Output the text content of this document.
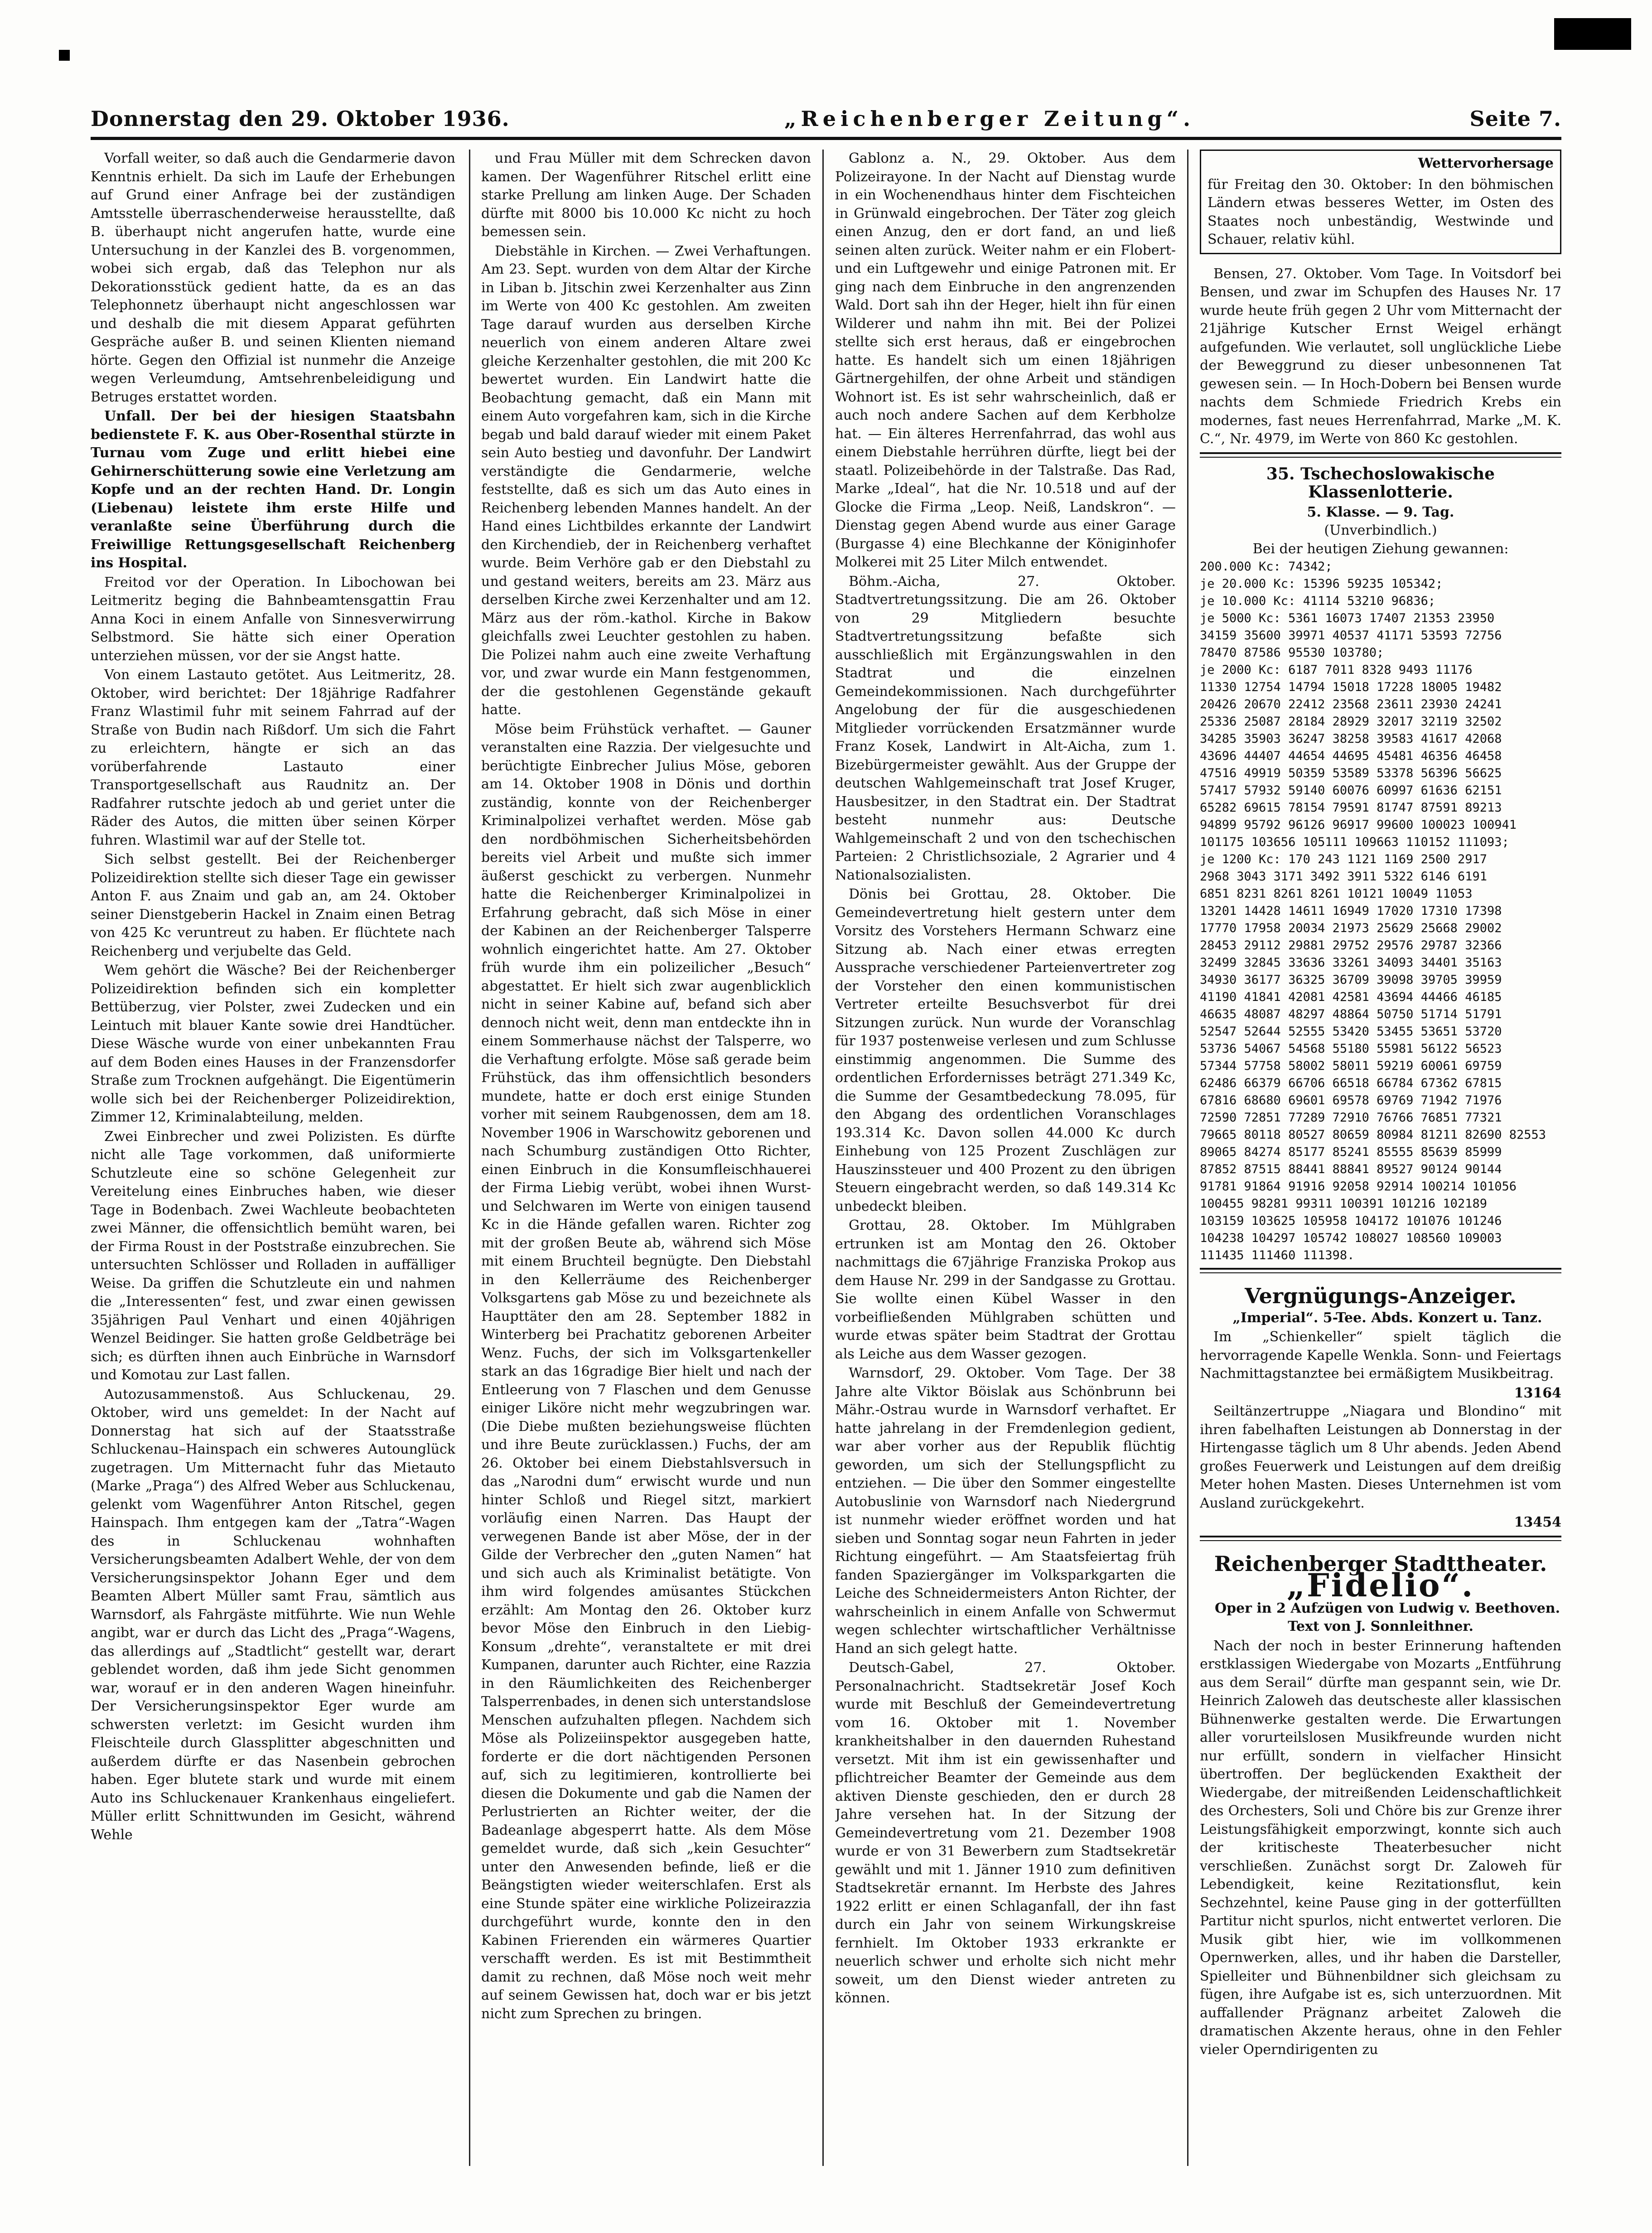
Donnerstag den 29. Oktober 1936.	„Reichenberger Zeitung“.	Seite 7.

Vorfall weiter, so daß auch die Gendarmerie davon Kenntnis erhielt. Da sich im Laufe der Erhebungen auf Grund einer Anfrage bei der zuständigen Amtsstelle überraschenderweise herausstellte, daß B. überhaupt nicht angerufen hatte, wurde eine Untersuchung in der Kanzlei des B. vorgenommen, wobei sich ergab, daß das Telephon nur als Dekorationsstück gedient hatte, da es an das Telephonnetz überhaupt nicht angeschlossen war und deshalb die mit diesem Apparat geführten Gespräche außer B. und seinen Klienten niemand hörte. Gegen den Offizial ist nunmehr die Anzeige wegen Verleumdung, Amtsehrenbeleidigung und Betruges erstattet worden.

Unfall. Der bei der hiesigen Staatsbahn bedienstete F. K. aus Ober-Rosenthal stürzte in Turnau vom Zuge und erlitt hiebei eine Gehirnerschütterung sowie eine Verletzung am Kopfe und an der rechten Hand. Dr. Longin (Liebenau) leistete ihm erste Hilfe und veranlaßte seine Überführung durch die Freiwillige Rettungsgesellschaft Reichenberg ins Hospital.

Freitod vor der Operation. In Libochowan bei Leitmeritz beging die Bahnbeamtensgattin Frau Anna Koci in einem Anfalle von Sinnesverwirrung Selbstmord. Sie hätte sich einer Operation unterziehen müssen, vor der sie Angst hatte.

Von einem Lastauto getötet. Aus Leitmeritz, 28. Oktober, wird berichtet: Der 18jährige Radfahrer Franz Wlastimil fuhr mit seinem Fahrrad auf der Straße von Budin nach Rißdorf. Um sich die Fahrt zu erleichtern, hängte er sich an das vorüberfahrende Lastauto einer Transportgesellschaft aus Raudnitz an. Der Radfahrer rutschte jedoch ab und geriet unter die Räder des Autos, die mitten über seinen Körper fuhren. Wlastimil war auf der Stelle tot.

Sich selbst gestellt. Bei der Reichenberger Polizeidirektion stellte sich dieser Tage ein gewisser Anton F. aus Znaim und gab an, am 24. Oktober seiner Dienstgeberin Hackel in Znaim einen Betrag von 425 Kc veruntreut zu haben. Er flüchtete nach Reichenberg und verjubelte das Geld.

Wem gehört die Wäsche? Bei der Reichenberger Polizeidirektion befinden sich ein kompletter Bettüberzug, vier Polster, zwei Zudecken und ein Leintuch mit blauer Kante sowie drei Handtücher. Diese Wäsche wurde von einer unbekannten Frau auf dem Boden eines Hauses in der Franzensdorfer Straße zum Trocknen aufgehängt. Die Eigentümerin wolle sich bei der Reichenberger Polizeidirektion, Zimmer 12, Kriminalabteilung, melden.

Zwei Einbrecher und zwei Polizisten. Es dürfte nicht alle Tage vorkommen, daß uniformierte Schutzleute eine so schöne Gelegenheit zur Vereitelung eines Einbruches haben, wie dieser Tage in Bodenbach. Zwei Wachleute beobachteten zwei Männer, die offensichtlich bemüht waren, bei der Firma Roust in der Poststraße einzubrechen. Sie untersuchten Schlösser und Rolladen in auffälliger Weise. Da griffen die Schutzleute ein und nahmen die „Interessenten“ fest, und zwar einen gewissen 35jährigen Paul Venhart und einen 40jährigen Wenzel Beidinger. Sie hatten große Geldbeträge bei sich; es dürften ihnen auch Einbrüche in Warnsdorf und Komotau zur Last fallen.

Autozusammenstoß. Aus Schluckenau, 29. Oktober, wird uns gemeldet: In der Nacht auf Donnerstag hat sich auf der Staatsstraße Schluckenau–Hainspach ein schweres Autounglück zugetragen. Um Mitternacht fuhr das Mietauto (Marke „Praga“) des Alfred Weber aus Schluckenau, gelenkt vom Wagenführer Anton Ritschel, gegen Hainspach. Ihm entgegen kam der „Tatra“-Wagen des in Schluckenau wohnhaften Versicherungsbeamten Adalbert Wehle, der von dem Versicherungsinspektor Johann Eger und dem Beamten Albert Müller samt Frau, sämtlich aus Warnsdorf, als Fahrgäste mitführte. Wie nun Wehle angibt, war er durch das Licht des „Praga“-Wagens, das allerdings auf „Stadtlicht“ gestellt war, derart geblendet worden, daß ihm jede Sicht genommen war, worauf er in den anderen Wagen hineinfuhr. Der Versicherungsinspektor Eger wurde am schwersten verletzt: im Gesicht wurden ihm Fleischteile durch Glassplitter abgeschnitten und außerdem dürfte er das Nasenbein gebrochen haben. Eger blutete stark und wurde mit einem Auto ins Schluckenauer Krankenhaus eingeliefert. Müller erlitt Schnittwunden im Gesicht, während Wehle

und Frau Müller mit dem Schrecken davon kamen. Der Wagenführer Ritschel erlitt eine starke Prellung am linken Auge. Der Schaden dürfte mit 8000 bis 10.000 Kc nicht zu hoch bemessen sein.

Diebstähle in Kirchen. — Zwei Verhaftungen. Am 23. Sept. wurden von dem Altar der Kirche in Liban b. Jitschin zwei Kerzenhalter aus Zinn im Werte von 400 Kc gestohlen. Am zweiten Tage darauf wurden aus derselben Kirche neuerlich von einem anderen Altare zwei gleiche Kerzenhalter gestohlen, die mit 200 Kc bewertet wurden. Ein Landwirt hatte die Beobachtung gemacht, daß ein Mann mit einem Auto vorgefahren kam, sich in die Kirche begab und bald darauf wieder mit einem Paket sein Auto bestieg und davonfuhr. Der Landwirt verständigte die Gendarmerie, welche feststellte, daß es sich um das Auto eines in Reichenberg lebenden Mannes handelt. An der Hand eines Lichtbildes erkannte der Landwirt den Kirchendieb, der in Reichenberg verhaftet wurde. Beim Verhöre gab er den Diebstahl zu und gestand weiters, bereits am 23. März aus derselben Kirche zwei Kerzenhalter und am 12. März aus der röm.-kathol. Kirche in Bakow gleichfalls zwei Leuchter gestohlen zu haben. Die Polizei nahm auch eine zweite Verhaftung vor, und zwar wurde ein Mann festgenommen, der die gestohlenen Gegenstände gekauft hatte.

Möse beim Frühstück verhaftet. — Gauner veranstalten eine Razzia. Der vielgesuchte und berüchtigte Einbrecher Julius Möse, geboren am 14. Oktober 1908 in Dönis und dorthin zuständig, konnte von der Reichenberger Kriminalpolizei verhaftet werden. Möse gab den nordböhmischen Sicherheitsbehörden bereits viel Arbeit und mußte sich immer äußerst geschickt zu verbergen. Nunmehr hatte die Reichenberger Kriminalpolizei in Erfahrung gebracht, daß sich Möse in einer der Kabinen an der Reichenberger Talsperre wohnlich eingerichtet hatte. Am 27. Oktober früh wurde ihm ein polizeilicher „Besuch“ abgestattet. Er hielt sich zwar augenblicklich nicht in seiner Kabine auf, befand sich aber dennoch nicht weit, denn man entdeckte ihn in einem Sommerhause nächst der Talsperre, wo die Verhaftung erfolgte. Möse saß gerade beim Frühstück, das ihm offensichtlich besonders mundete, hatte er doch erst einige Stunden vorher mit seinem Raubgenossen, dem am 18. November 1906 in Warschowitz geborenen und nach Schumburg zuständigen Otto Richter, einen Einbruch in die Konsumfleischhauerei der Firma Liebig verübt, wobei ihnen Wurst- und Selchwaren im Werte von einigen tausend Kc in die Hände gefallen waren. Richter zog mit der großen Beute ab, während sich Möse mit einem Bruchteil begnügte. Den Diebstahl in den Kellerräume des Reichenberger Volksgartens gab Möse zu und bezeichnete als Haupttäter den am 28. September 1882 in Winterberg bei Prachatitz geborenen Arbeiter Wenz. Fuchs, der sich im Volksgartenkeller stark an das 16gradige Bier hielt und nach der Entleerung von 7 Flaschen und dem Genusse einiger Liköre nicht mehr wegzubringen war. (Die Diebe mußten beziehungsweise flüchten und ihre Beute zurücklassen.) Fuchs, der am 26. Oktober bei einem Diebstahlsversuch in das „Narodni dum“ erwischt wurde und nun hinter Schloß und Riegel sitzt, markiert vorläufig einen Narren. Das Haupt der verwegenen Bande ist aber Möse, der in der Gilde der Verbrecher den „guten Namen“ hat und sich auch als Kriminalist betätigte. Von ihm wird folgendes amüsantes Stückchen erzählt: Am Montag den 26. Oktober kurz bevor Möse den Einbruch in den Liebig-Konsum „drehte“, veranstaltete er mit drei Kumpanen, darunter auch Richter, eine Razzia in den Räumlichkeiten des Reichenberger Talsperrenbades, in denen sich unterstandslose Menschen aufzuhalten pflegen. Nachdem sich Möse als Polizeiinspektor ausgegeben hatte, forderte er die dort nächtigenden Personen auf, sich zu legitimieren, kontrollierte bei diesen die Dokumente und gab die Namen der Perlustrierten an Richter weiter, der die Badeanlage abgesperrt hatte. Als dem Möse gemeldet wurde, daß sich „kein Gesuchter“ unter den Anwesenden befinde, ließ er die Beängstigten wieder weiterschlafen. Erst als eine Stunde später eine wirkliche Polizeirazzia durchgeführt wurde, konnte den in den Kabinen Frierenden ein wärmeres Quartier verschafft werden. Es ist mit Bestimmtheit damit zu rechnen, daß Möse noch weit mehr auf seinem Gewissen hat, doch war er bis jetzt nicht zum Sprechen zu bringen.

Gablonz a. N., 29. Oktober. Aus dem Polizeirayone. In der Nacht auf Dienstag wurde in ein Wochenendhaus hinter dem Fischteichen in Grünwald eingebrochen. Der Täter zog gleich einen Anzug, den er dort fand, an und ließ seinen alten zurück. Weiter nahm er ein Flobert- und ein Luftgewehr und einige Patronen mit. Er ging nach dem Einbruche in den angrenzenden Wald. Dort sah ihn der Heger, hielt ihn für einen Wilderer und nahm ihn mit. Bei der Polizei stellte sich erst heraus, daß er eingebrochen hatte. Es handelt sich um einen 18jährigen Gärtnergehilfen, der ohne Arbeit und ständigen Wohnort ist. Es ist sehr wahrscheinlich, daß er auch noch andere Sachen auf dem Kerbholze hat. — Ein älteres Herrenfahrrad, das wohl aus einem Diebstahle herrühren dürfte, liegt bei der staatl. Polizeibehörde in der Talstraße. Das Rad, Marke „Ideal“, hat die Nr. 10.518 und auf der Glocke die Firma „Leop. Neiß, Landskron“. — Dienstag gegen Abend wurde aus einer Garage (Burgasse 4) eine Blechkanne der Königinhofer Molkerei mit 25 Liter Milch entwendet.

Böhm.-Aicha, 27. Oktober. Stadtvertretungssitzung. Die am 26. Oktober von 29 Mitgliedern besuchte Stadtvertretungssitzung befaßte sich ausschließlich mit Ergänzungswahlen in den Stadtrat und die einzelnen Gemeindekommissionen. Nach durchgeführter Angelobung der für die ausgeschiedenen Mitglieder vorrückenden Ersatzmänner wurde Franz Kosek, Landwirt in Alt-Aicha, zum 1. Bizebürgermeister gewählt. Aus der Gruppe der deutschen Wahlgemeinschaft trat Josef Kruger, Hausbesitzer, in den Stadtrat ein. Der Stadtrat besteht nunmehr aus: Deutsche Wahlgemeinschaft 2 und von den tschechischen Parteien: 2 Christlichsoziale, 2 Agrarier und 4 Nationalsozialisten.

Dönis bei Grottau, 28. Oktober. Die Gemeindevertretung hielt gestern unter dem Vorsitz des Vorstehers Hermann Schwarz eine Sitzung ab. Nach einer etwas erregten Aussprache verschiedener Parteienvertreter zog der Vorsteher den einen kommunistischen Vertreter erteilte Besuchsverbot für drei Sitzungen zurück. Nun wurde der Voranschlag für 1937 postenweise verlesen und zum Schlusse einstimmig angenommen. Die Summe des ordentlichen Erfordernisses beträgt 271.349 Kc, die Summe der Gesamtbedeckung 78.095, für den Abgang des ordentlichen Voranschlages 193.314 Kc. Davon sollen 44.000 Kc durch Einhebung von 125 Prozent Zuschlägen zur Hauszinssteuer und 400 Prozent zu den übrigen Steuern eingebracht werden, so daß 149.314 Kc unbedeckt bleiben.

Grottau, 28. Oktober. Im Mühlgraben ertrunken ist am Montag den 26. Oktober nachmittags die 67jährige Franziska Prokop aus dem Hause Nr. 299 in der Sandgasse zu Grottau. Sie wollte einen Kübel Wasser in den vorbeifließenden Mühlgraben schütten und wurde etwas später beim Stadtrat der Grottau als Leiche aus dem Wasser gezogen.

Warnsdorf, 29. Oktober. Vom Tage. Der 38 Jahre alte Viktor Böislak aus Schönbrunn bei Mähr.-Ostrau wurde in Warnsdorf verhaftet. Er hatte jahrelang in der Fremdenlegion gedient, war aber vorher aus der Republik flüchtig geworden, um sich der Stellungspflicht zu entziehen. — Die über den Sommer eingestellte Autobuslinie von Warnsdorf nach Niedergrund ist nunmehr wieder eröffnet worden und hat sieben und Sonntag sogar neun Fahrten in jeder Richtung eingeführt. — Am Staatsfeiertag früh fanden Spaziergänger im Volksparkgarten die Leiche des Schneidermeisters Anton Richter, der wahrscheinlich in einem Anfalle von Schwermut wegen schlechter wirtschaftlicher Verhältnisse Hand an sich gelegt hatte.

Deutsch-Gabel, 27. Oktober. Personalnachricht. Stadtsekretär Josef Koch wurde mit Beschluß der Gemeindevertretung vom 16. Oktober mit 1. November krankheitshalber in den dauernden Ruhestand versetzt. Mit ihm ist ein gewissenhafter und pflichtreicher Beamter der Gemeinde aus dem aktiven Dienste geschieden, den er durch 28 Jahre versehen hat. In der Sitzung der Gemeindevertretung vom 21. Dezember 1908 wurde er von 31 Bewerbern zum Stadtsekretär gewählt und mit 1. Jänner 1910 zum definitiven Stadtsekretär ernannt. Im Herbste des Jahres 1922 erlitt er einen Schlaganfall, der ihn fast durch ein Jahr von seinem Wirkungskreise fernhielt. Im Oktober 1933 erkrankte er neuerlich schwer und erholte sich nicht mehr soweit, um den Dienst wieder antreten zu können.

Wettervorhersage
für Freitag den 30. Oktober: In den böhmischen Ländern etwas besseres Wetter, im Osten des Staates noch unbeständig, Westwinde und Schauer, relativ kühl.

Bensen, 27. Oktober. Vom Tage. In Voitsdorf bei Bensen, und zwar im Schupfen des Hauses Nr. 17 wurde heute früh gegen 2 Uhr vom Mitternacht der 21jährige Kutscher Ernst Weigel erhängt aufgefunden. Wie verlautet, soll unglückliche Liebe der Beweggrund zu dieser unbesonnenen Tat gewesen sein. — In Hoch-Dobern bei Bensen wurde nachts dem Schmiede Friedrich Krebs ein modernes, fast neues Herrenfahrrad, Marke „M. K. C.“, Nr. 4979, im Werte von 860 Kc gestohlen.

35. Tschechoslowakische Klassenlotterie.
5. Klasse. — 9. Tag.
(Unverbindlich.)
Bei der heutigen Ziehung gewannen:
200.000 Kc: 74342;
je 20.000 Kc: 15396 59235 105342;
je 10.000 Kc: 41114 53210 96836;
je 5000 Kc: 5361 16073 17407 21353 23950
34159 35600 39971 40537 41171 53593 72756
78470 87586 95530 103780;
je 2000 Kc: 6187 7011 8328 9493 11176
11330 12754 14794 15018 17228 18005 19482
20426 20670 22412 23568 23611 23930 24241
25336 25087 28184 28929 32017 32119 32502
34285 35903 36247 38258 39583 41617 42068
43696 44407 44654 44695 45481 46356 46458
47516 49919 50359 53589 53378 56396 56625
57417 57932 59140 60076 60997 61636 62151
65282 69615 78154 79591 81747 87591 89213
94899 95792 96126 96917 99600 100023 100941
101175 103656 105111 109663 110152 111093;
je 1200 Kc: 170 243 1121 1169 2500 2917
2968 3043 3171 3492 3911 5322 6146 6191
6851 8231 8261 8261 10121 10049 11053
13201 14428 14611 16949 17020 17310 17398
17770 17958 20034 21973 25629 25668 29002
28453 29112 29881 29752 29576 29787 32366
32499 32845 33636 33261 34093 34401 35163
34930 36177 36325 36709 39098 39705 39959
41190 41841 42081 42581 43694 44466 46185
46635 48087 48297 48864 50750 51714 51791
52547 52644 52555 53420 53455 53651 53720
53736 54067 54568 55180 55981 56122 56523
57344 57758 58002 58011 59219 60061 69759
62486 66379 66706 66518 66784 67362 67815
67816 68680 69601 69578 69769 71942 71976
72590 72851 77289 72910 76766 76851 77321
79665 80118 80527 80659 80984 81211 82690 82553
89065 84274 85177 85241 85555 85639 85999
87852 87515 88441 88841 89527 90124 90144
91781 91864 91916 92058 92914 100214 101056
100455 98281 99311 100391 101216 102189
103159 103625 105958 104172 101076 101246
104238 104297 105742 108027 108560 109003
111435 111460 111398.
Vergnügungs-Anzeiger.

„Imperial“. 5-Tee. Abds. Konzert u. Tanz.

Im „Schienkeller“ spielt täglich die hervorragende Kapelle Wenkla. Sonn- und Feiertags Nachmittagstanztee bei ermäßigtem Musikbeitrag.

13164

Seiltänzertruppe „Niagara und Blondino“ mit ihren fabelhaften Leistungen ab Donnerstag in der Hirtengasse täglich um 8 Uhr abends. Jeden Abend großes Feuerwerk und Leistungen auf dem dreißig Meter hohen Masten. Dieses Unternehmen ist vom Ausland zurückgekehrt.

13454
Reichenberger Stadttheater.
„Fidelio“.

Oper in 2 Aufzügen von Ludwig v. Beethoven. Text von J. Sonnleithner.

Nach der noch in bester Erinnerung haftenden erstklassigen Wiedergabe von Mozarts „Entführung aus dem Serail“ dürfte man gespannt sein, wie Dr. Heinrich Zaloweh das deutscheste aller klassischen Bühnenwerke gestalten werde. Die Erwartungen aller vorurteilslosen Musikfreunde wurden nicht nur erfüllt, sondern in vielfacher Hinsicht übertroffen. Der beglückenden Exaktheit der Wiedergabe, der mitreißenden Leidenschaftlichkeit des Orchesters, Soli und Chöre bis zur Grenze ihrer Leistungsfähigkeit emporzwingt, konnte sich auch der kritischeste Theaterbesucher nicht verschließen. Zunächst sorgt Dr. Zaloweh für Lebendigkeit, keine Rezitationsflut, kein Sechzehntel, keine Pause ging in der gotterfüllten Partitur nicht spurlos, nicht entwertet verloren. Die Musik gibt hier, wie im vollkommenen Opernwerken, alles, und ihr haben die Darsteller, Spielleiter und Bühnenbildner sich gleichsam zu fügen, ihre Aufgabe ist es, sich unterzuordnen. Mit auffallender Prägnanz arbeitet Zaloweh die dramatischen Akzente heraus, ohne in den Fehler vieler Operndirigenten zu
